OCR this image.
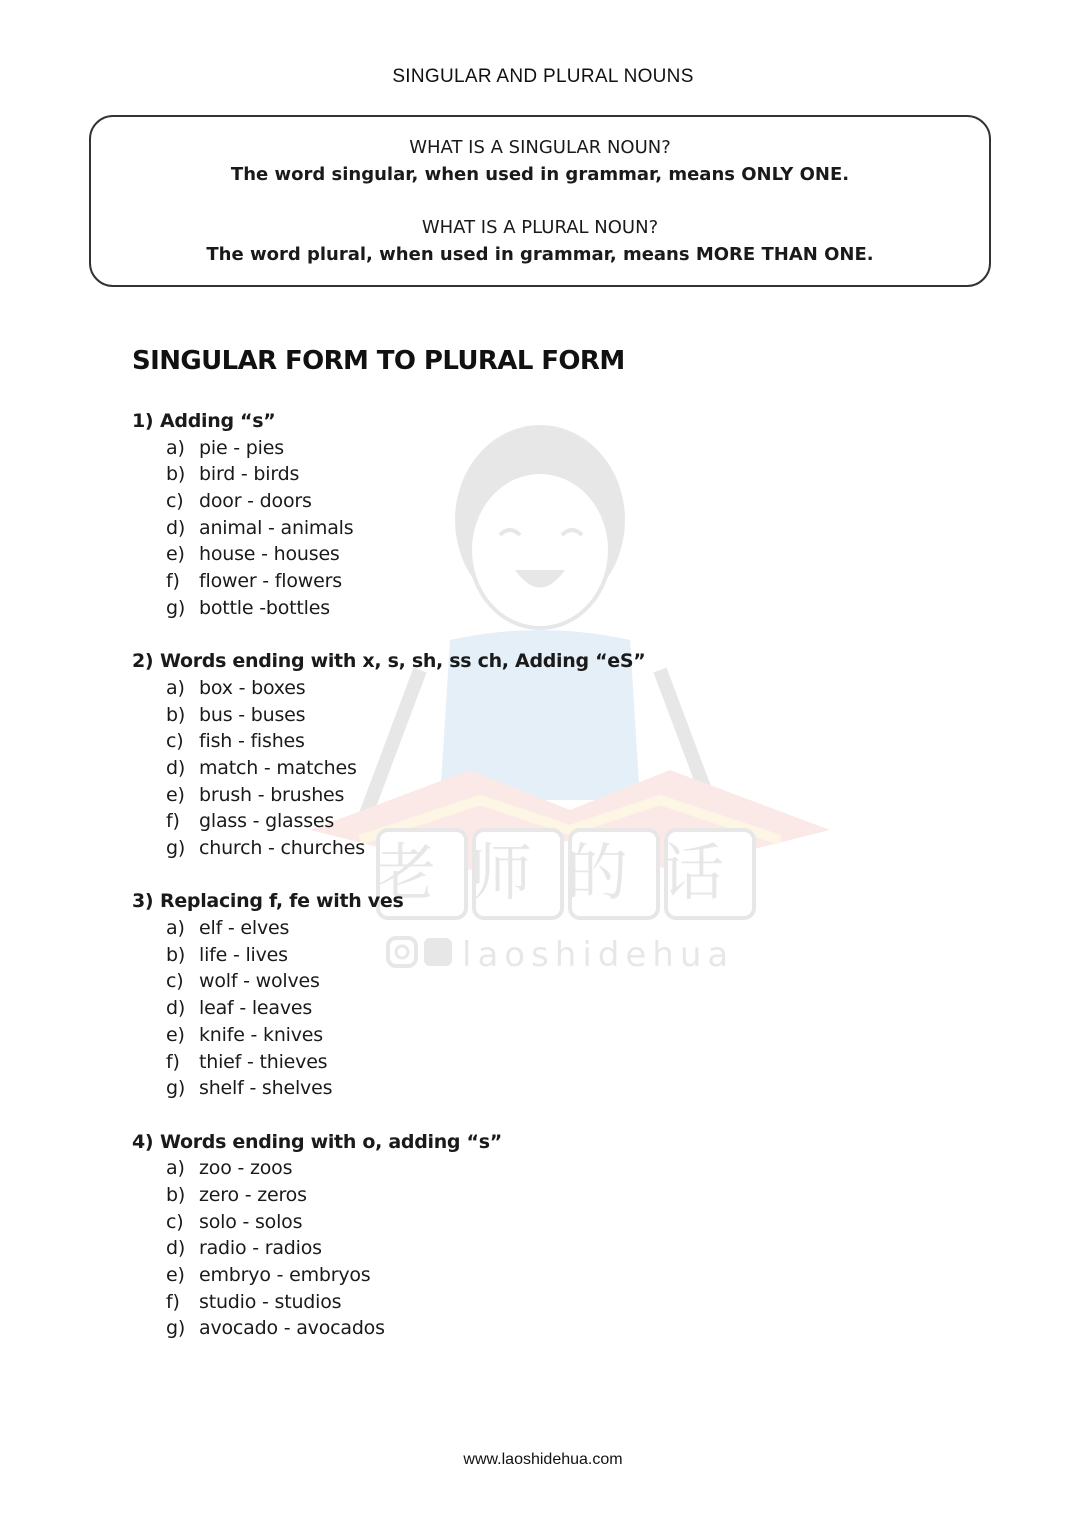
老师的话
laoshidehua
SINGULAR AND PLURAL NOUNS
WHAT IS A SINGULAR NOUN?
The word singular, when used in grammar, means ONLY ONE.
WHAT IS A PLURAL NOUN?
The word plural, when used in grammar, means MORE THAN ONE.
SINGULAR FORM TO PLURAL FORM
1) Adding “s”
a) pie - pies
b) bird - birds
c) door - doors
d) animal - animals
e) house - houses
f) flower - flowers
g) bottle -bottles
2) Words ending with x, s, sh, ss ch, Adding “eS”
a) box - boxes
b) bus - buses
c) fish - fishes
d) match - matches
e) brush - brushes
f) glass - glasses
g) church - churches
3) Replacing f, fe with ves
a) elf - elves
b) life - lives
c) wolf - wolves
d) leaf - leaves
e) knife - knives
f) thief - thieves
g) shelf - shelves
4) Words ending with o, adding “s”
a) zoo - zoos
b) zero - zeros
c) solo - solos
d) radio - radios
e) embryo - embryos
f) studio - studios
g) avocado - avocados
www.laoshidehua.com
